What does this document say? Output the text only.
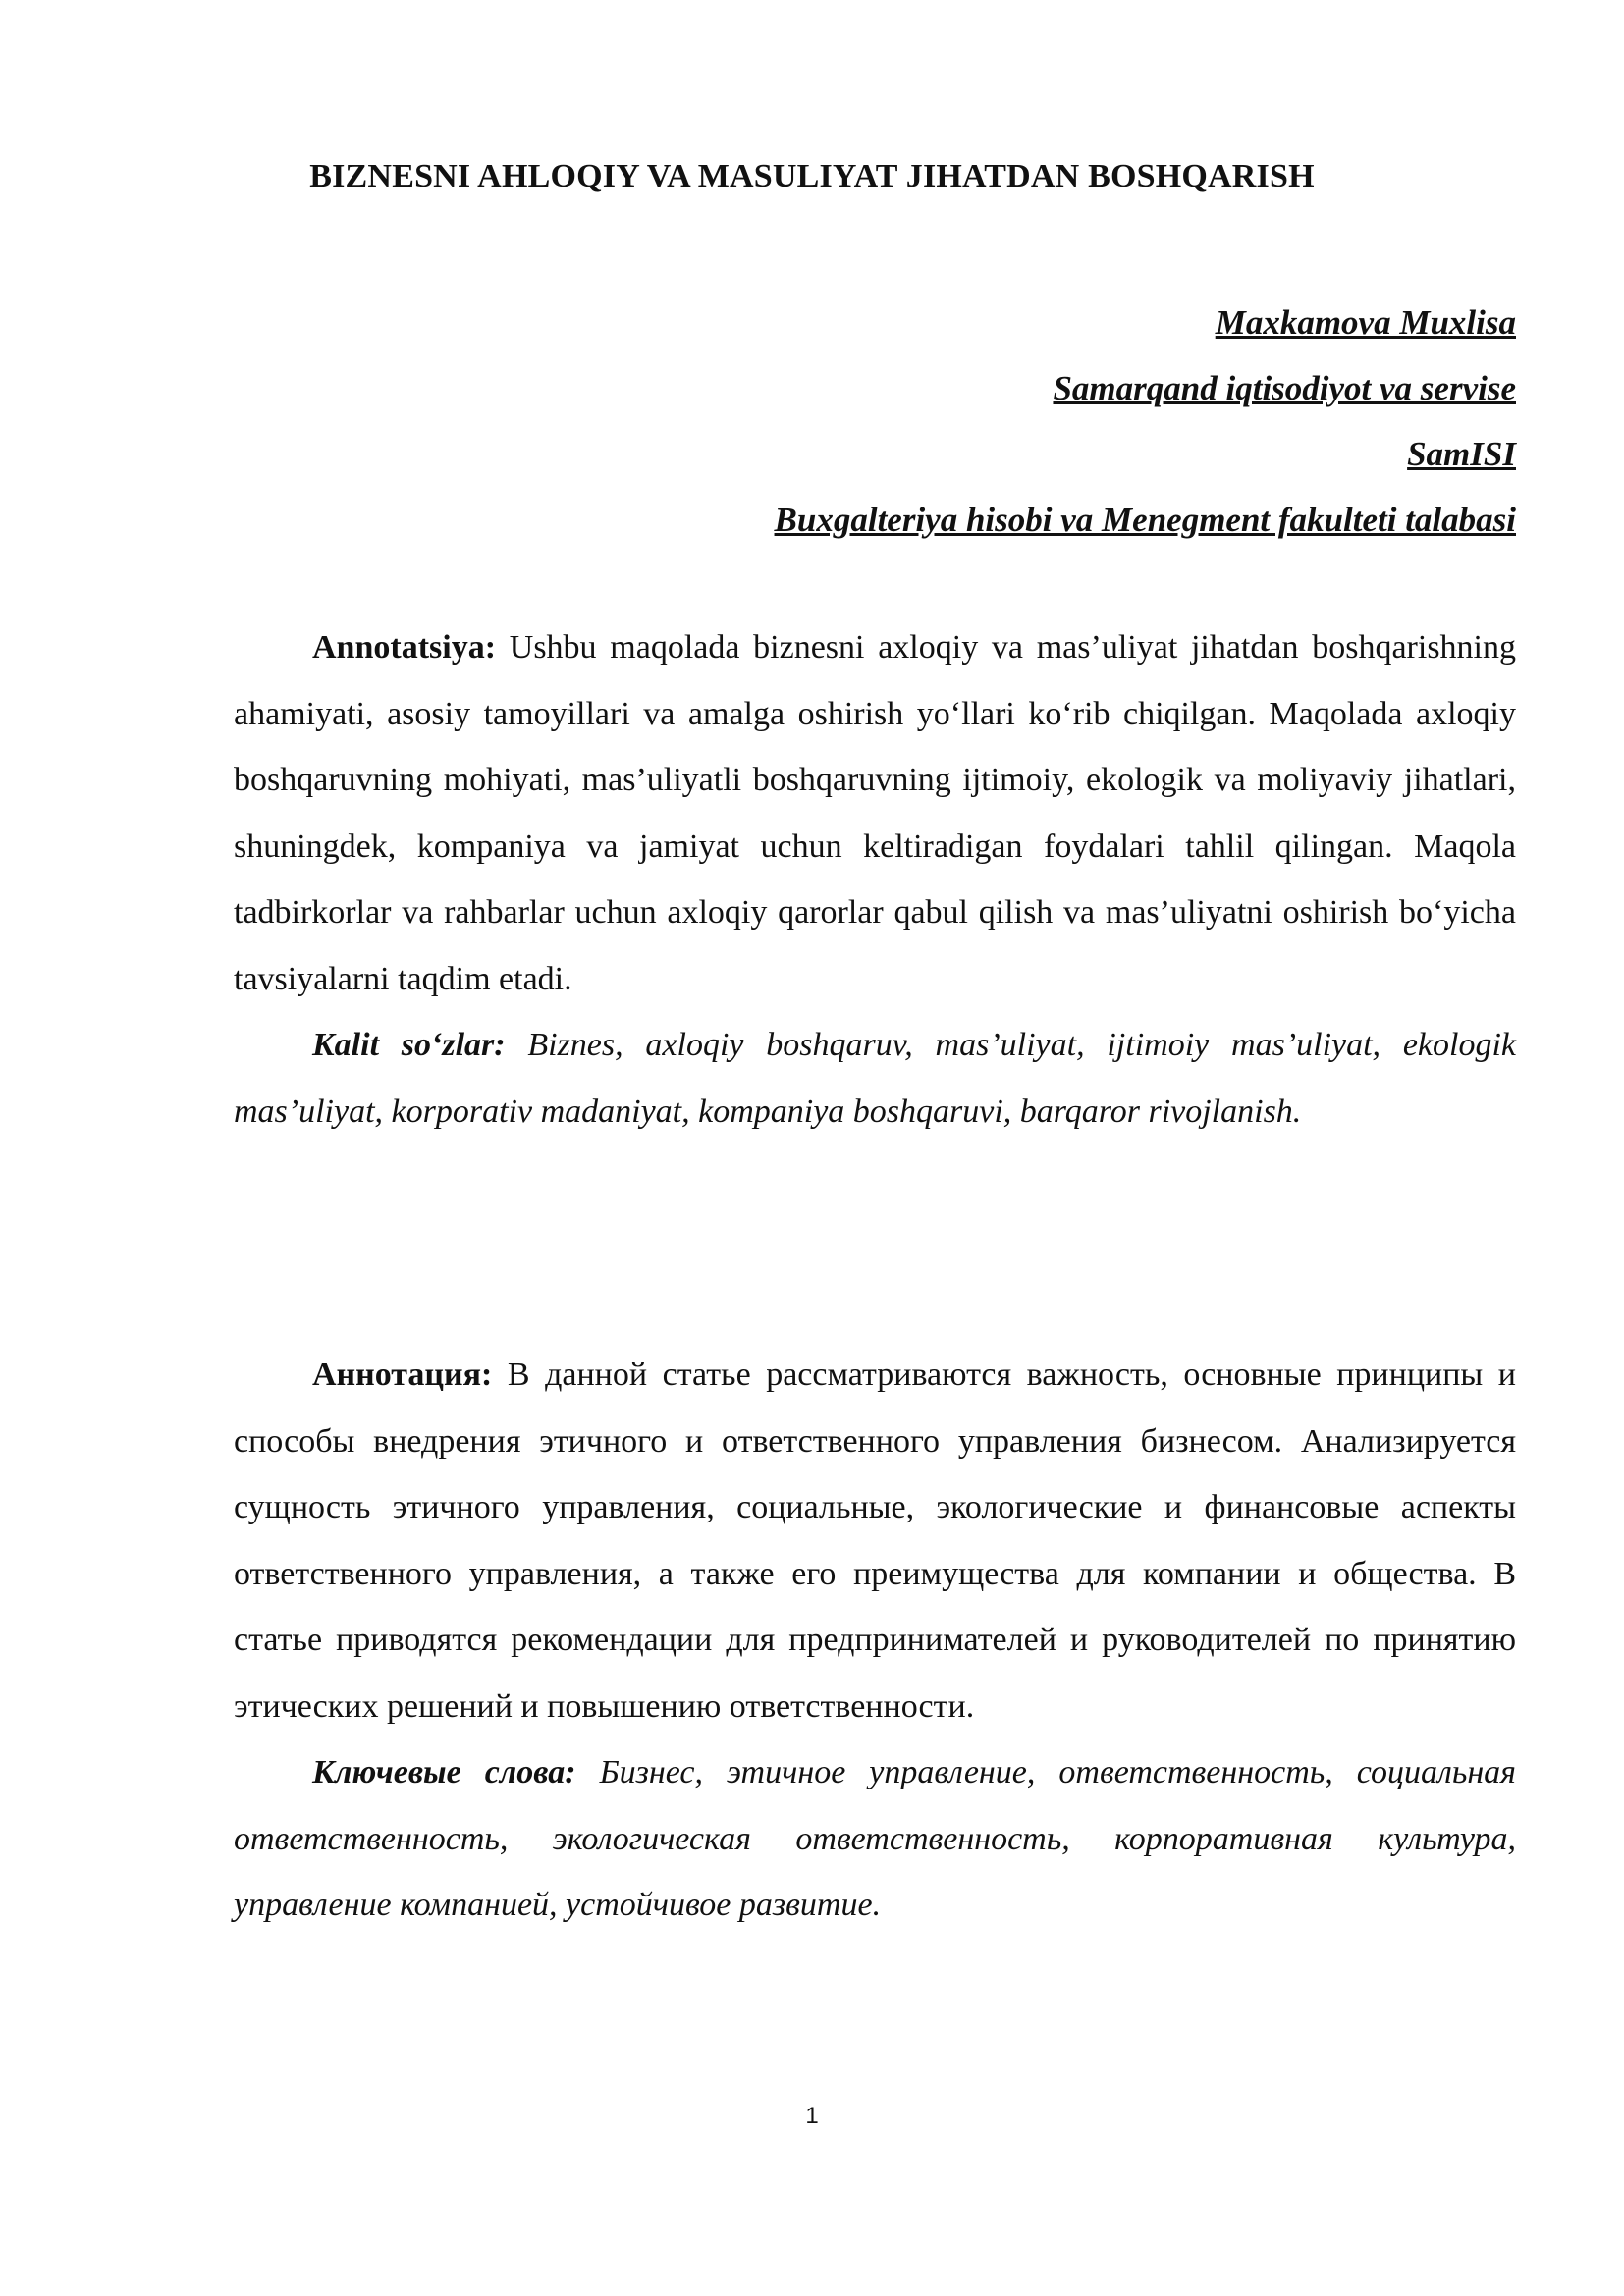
BIZNESNI AHLOQIY VA MASULIYAT JIHATDAN BOSHQARISH
Maxkamova Muxlisa
Samarqand iqtisodiyot va servise
SamISI
Buxgalteriya hisobi va Menegment fakulteti talabasi

Annotatsiya: Ushbu maqolada biznesni axloqiy va mas’uliyat jihatdan boshqarishning ahamiyati, asosiy tamoyillari va amalga oshirish yo‘llari ko‘rib chiqilgan. Maqolada axloqiy boshqaruvning mohiyati, mas’uliyatli boshqaruvning ijtimoiy, ekologik va moliyaviy jihatlari, shuningdek, kompaniya va jamiyat uchun keltiradigan foydalari tahlil qilingan. Maqola tadbirkorlar va rahbarlar uchun axloqiy qarorlar qabul qilish va mas’uliyatni oshirish bo‘yicha tavsiyalarni taqdim etadi.

Kalit so‘zlar: Biznes, axloqiy boshqaruv, mas’uliyat, ijtimoiy mas’uliyat, ekologik mas’uliyat, korporativ madaniyat, kompaniya boshqaruvi, barqaror rivojlanish.

Аннотация: В данной статье рассматриваются важность, основные принципы и способы внедрения этичного и ответственного управления бизнесом. Анализируется сущность этичного управления, социальные, экологические и финансовые аспекты ответственного управления, а также его преимущества для компании и общества. В статье приводятся рекомендации для предпринимателей и руководителей по принятию этических решений и повышению ответственности.

Ключевые слова: Бизнес, этичное управление, ответственность, социальная ответственность, экологическая ответственность, корпоративная культура, управление компанией, устойчивое развитие.

1
